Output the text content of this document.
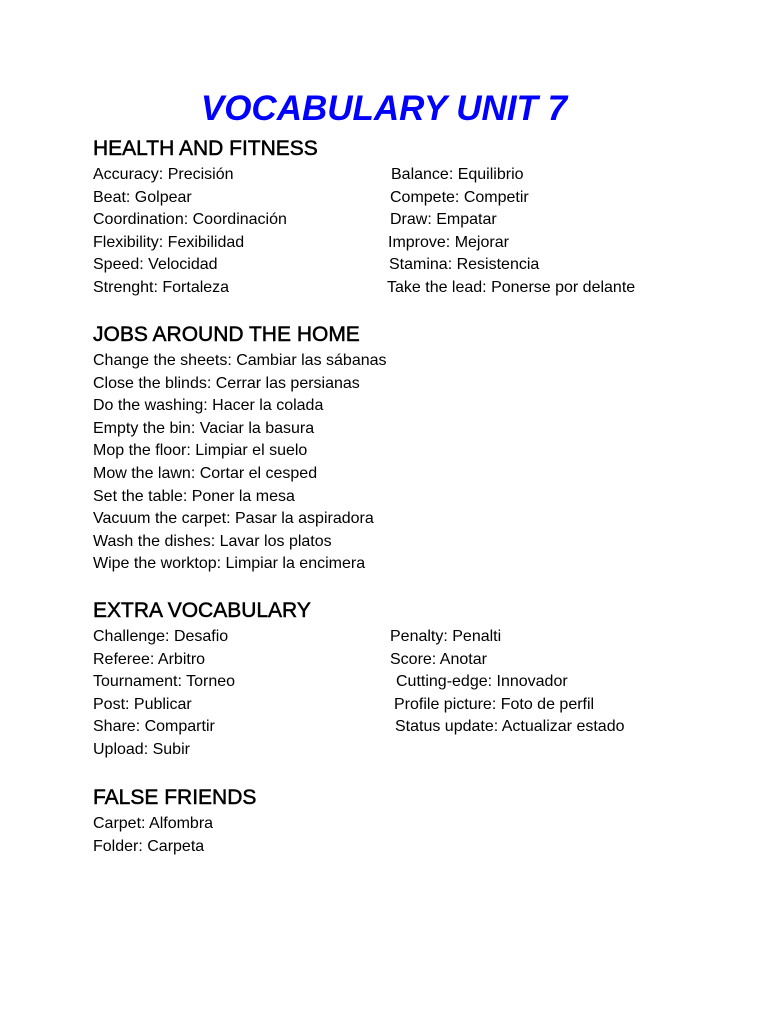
VOCABULARY UNIT 7
HEALTH AND FITNESS
Accuracy: Precisión	Balance: Equilibrio
Beat: Golpear	Compete: Competir
Coordination: Coordinación	Draw: Empatar
Flexibility: Fexibilidad	Improve: Mejorar
Speed: Velocidad	Stamina: Resistencia
Strenght: Fortaleza	Take the lead: Ponerse por delante
JOBS AROUND THE HOME
Change the sheets: Cambiar las sábanas
Close the blinds: Cerrar las persianas
Do the washing: Hacer la colada
Empty the bin: Vaciar la basura
Mop the floor: Limpiar el suelo
Mow the lawn: Cortar el cesped
Set the table: Poner la mesa
Vacuum the carpet: Pasar la aspiradora
Wash the dishes: Lavar los platos
Wipe the worktop: Limpiar la encimera
EXTRA VOCABULARY
Challenge: Desafio	Penalty: Penalti
Referee: Arbitro	Score: Anotar
Tournament: Torneo	Cutting-edge: Innovador
Post: Publicar	Profile picture: Foto de perfil
Share: Compartir	Status update: Actualizar estado
Upload: Subir
FALSE FRIENDS
Carpet: Alfombra
Folder: Carpeta
